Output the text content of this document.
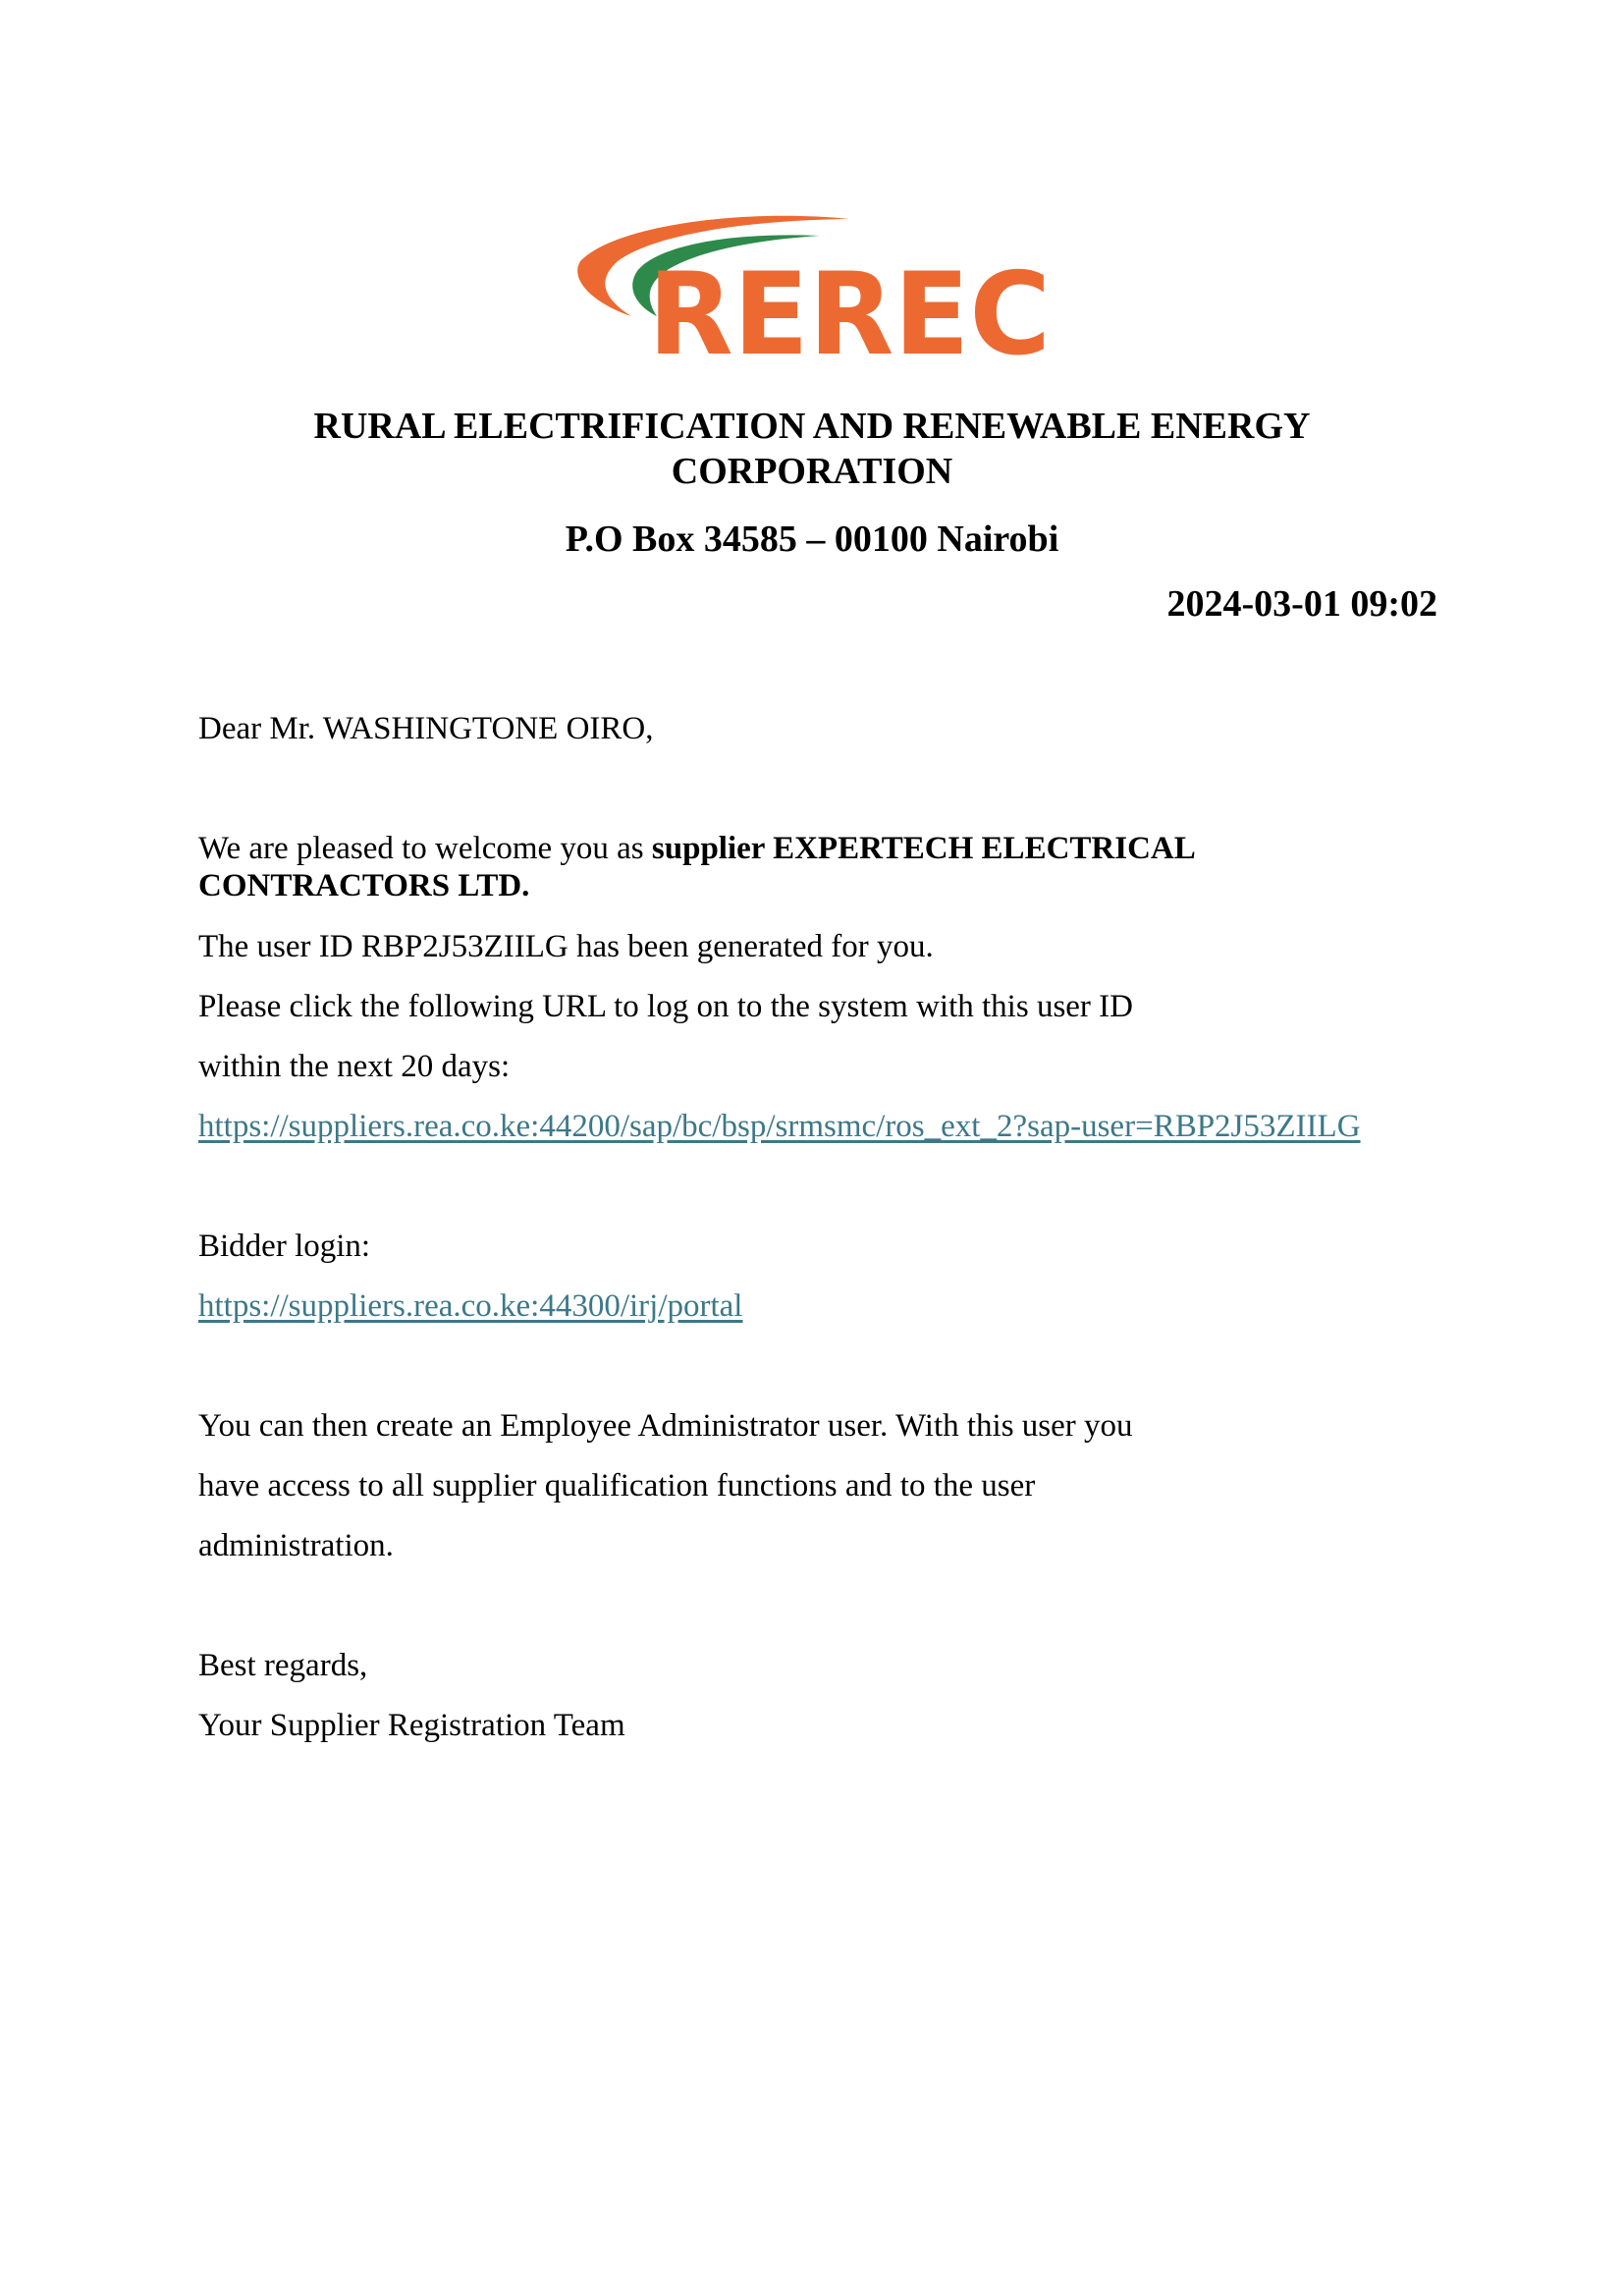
REREC
RURAL ELECTRIFICATION AND RENEWABLE ENERGY
CORPORATION
P.O Box 34585 – 00100 Nairobi
2024-03-01 09:02
Dear Mr. WASHINGTONE OIRO,
We are pleased to welcome you as supplier EXPERTECH ELECTRICAL
CONTRACTORS LTD.
The user ID RBP2J53ZIILG has been generated for you.
Please click the following URL to log on to the system with this user ID
within the next 20 days:
https://suppliers.rea.co.ke:44200/sap/bc/bsp/srmsmc/ros_ext_2?sap-user=RBP2J53ZIILG
Bidder login:
https://suppliers.rea.co.ke:44300/irj/portal
You can then create an Employee Administrator user. With this user you
have access to all supplier qualification functions and to the user
administration.
Best regards,
Your Supplier Registration Team
